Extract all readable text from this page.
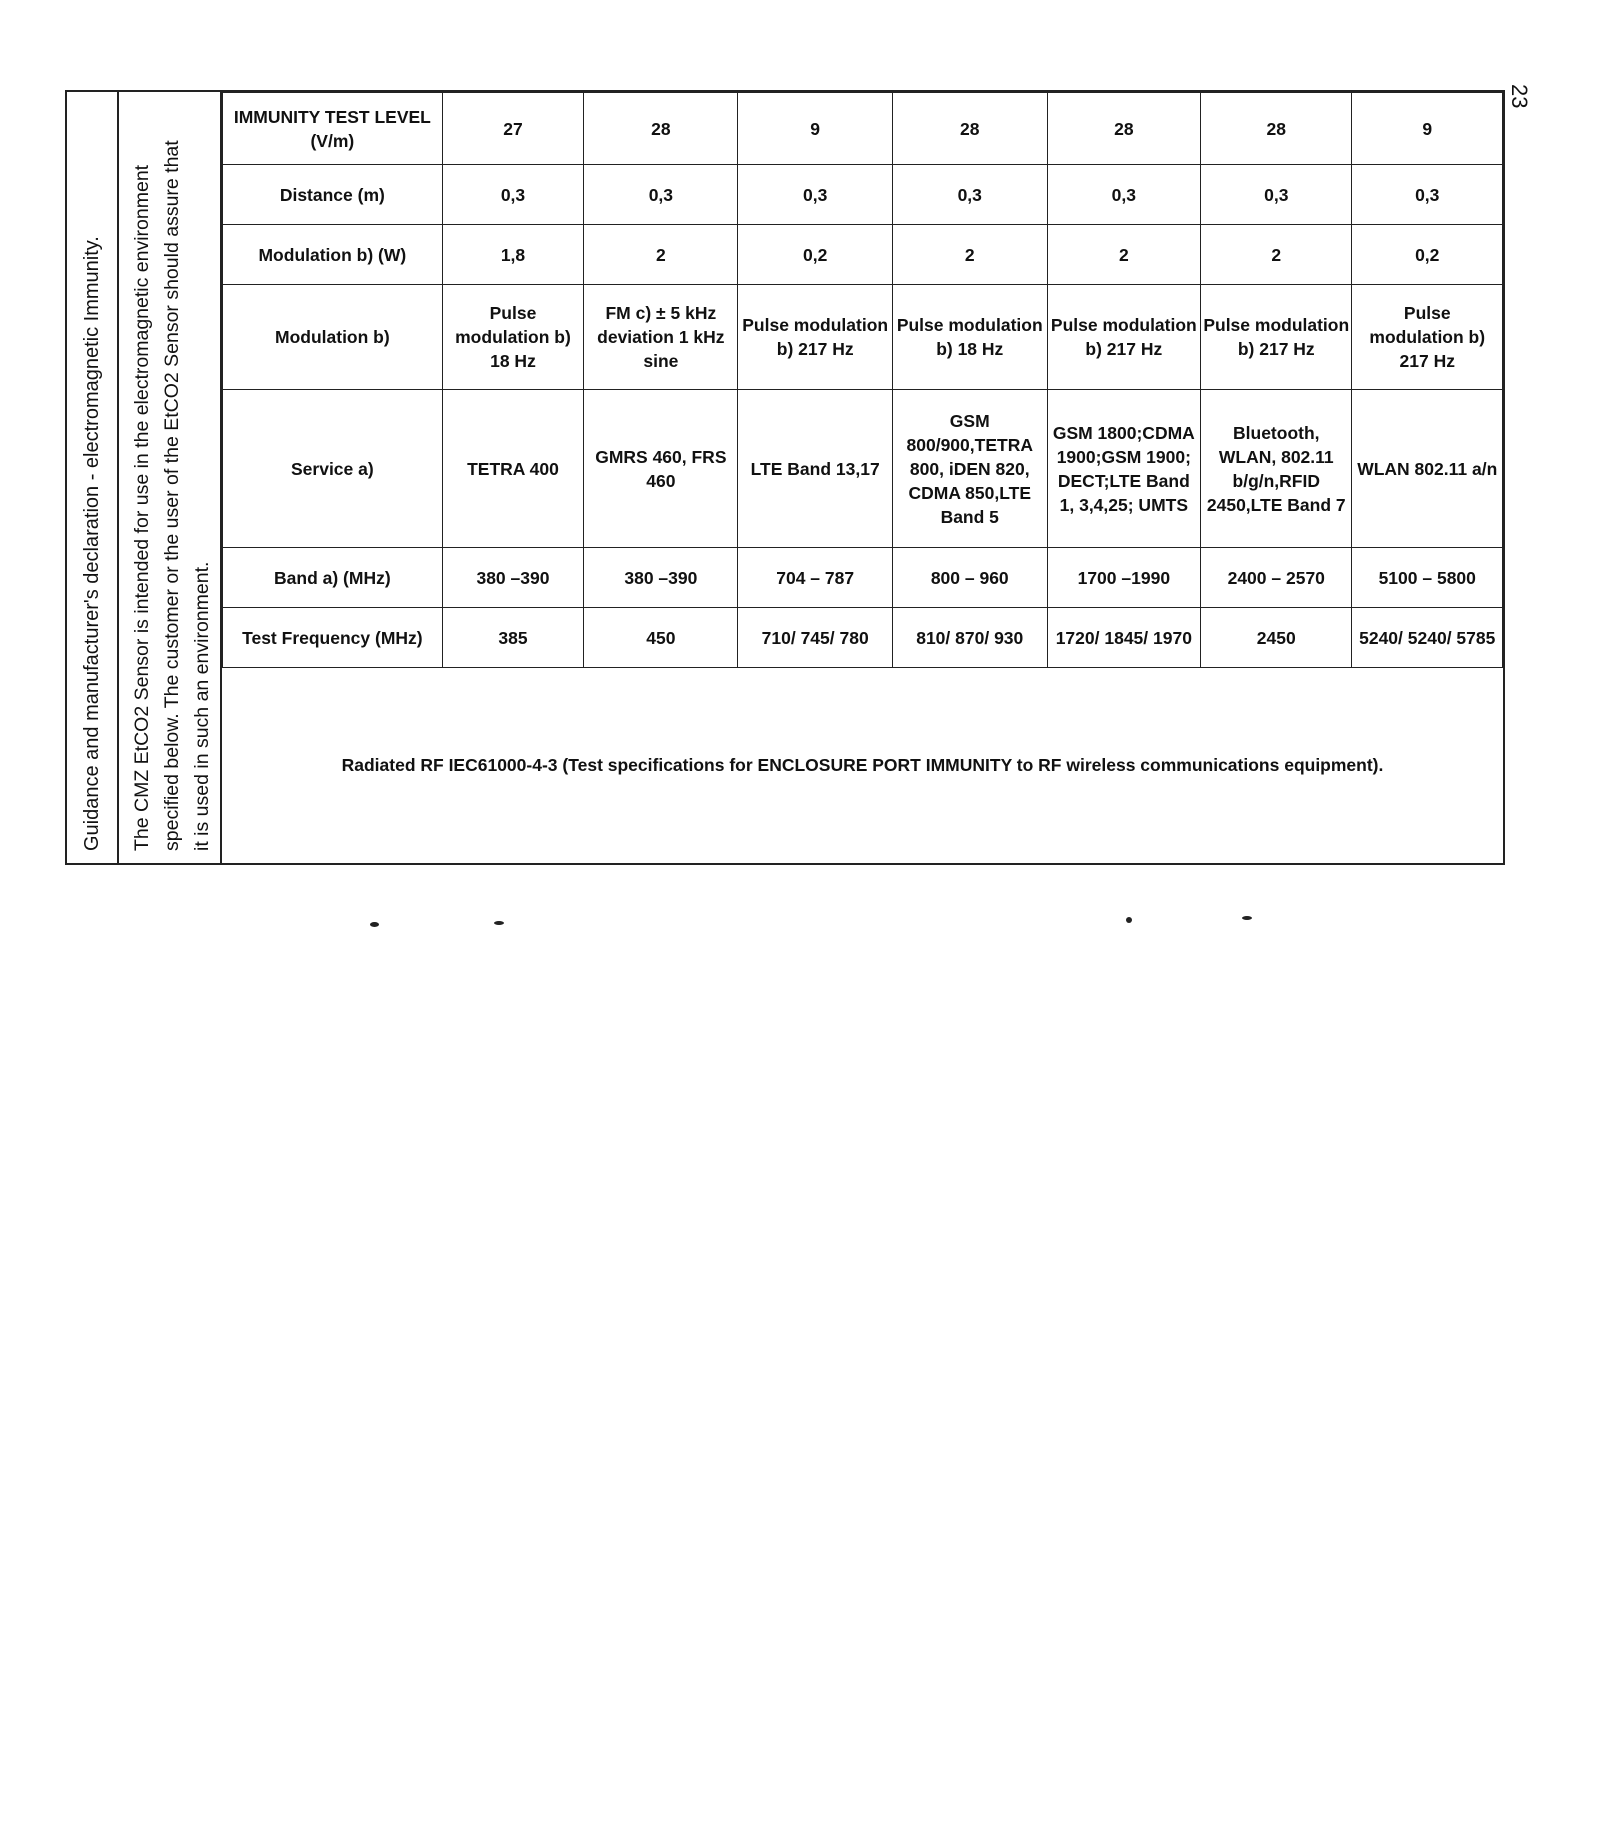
23
Guidance and manufacturer's declaration - electromagnetic Immunity. The CMZ EtCO2 Sensor is intended for use in the electromagnetic environment specified below. The customer or the user of the EtCO2 Sensor should assure that it is used in such an environment.
IMMUNITY TEST LEVEL (V/m)	27	28	9	28	28	28	9
Distance (m)	0,3	0,3	0,3	0,3	0,3	0,3	0,3
Modulation b) (W)	1,8	2	0,2	2	2	2	0,2
Modulation b)	Pulse modulation b) 18 Hz	FM c) ± 5 kHz deviation 1 kHz sine	Pulse modulation b) 217 Hz	Pulse modulation b) 18 Hz	Pulse modulation b) 217 Hz	Pulse modulation b) 217 Hz	Pulse modulation b) 217 Hz
Service a)	TETRA 400	GMRS 460, FRS 460	LTE Band 13,17	GSM 800/900,TETRA 800, iDEN 820, CDMA 850,LTE Band 5	GSM 1800;CDMA 1900;GSM 1900; DECT;LTE Band 1, 3,4,25; UMTS	Bluetooth, WLAN, 802.11 b/g/n,RFID 2450,LTE Band 7	WLAN 802.11 a/n
Band a) (MHz)	380 –390	380 –390	704 – 787	800 – 960	1700 –1990	2400 – 2570	5100 – 5800
Test Frequency (MHz)	385	450	710/ 745/ 780	810/ 870/ 930	1720/ 1845/ 1970	2450	5240/ 5240/ 5785
Radiated RF IEC61000-4-3 (Test specifications for ENCLOSURE PORT IMMUNITY to RF wireless communications equipment).
